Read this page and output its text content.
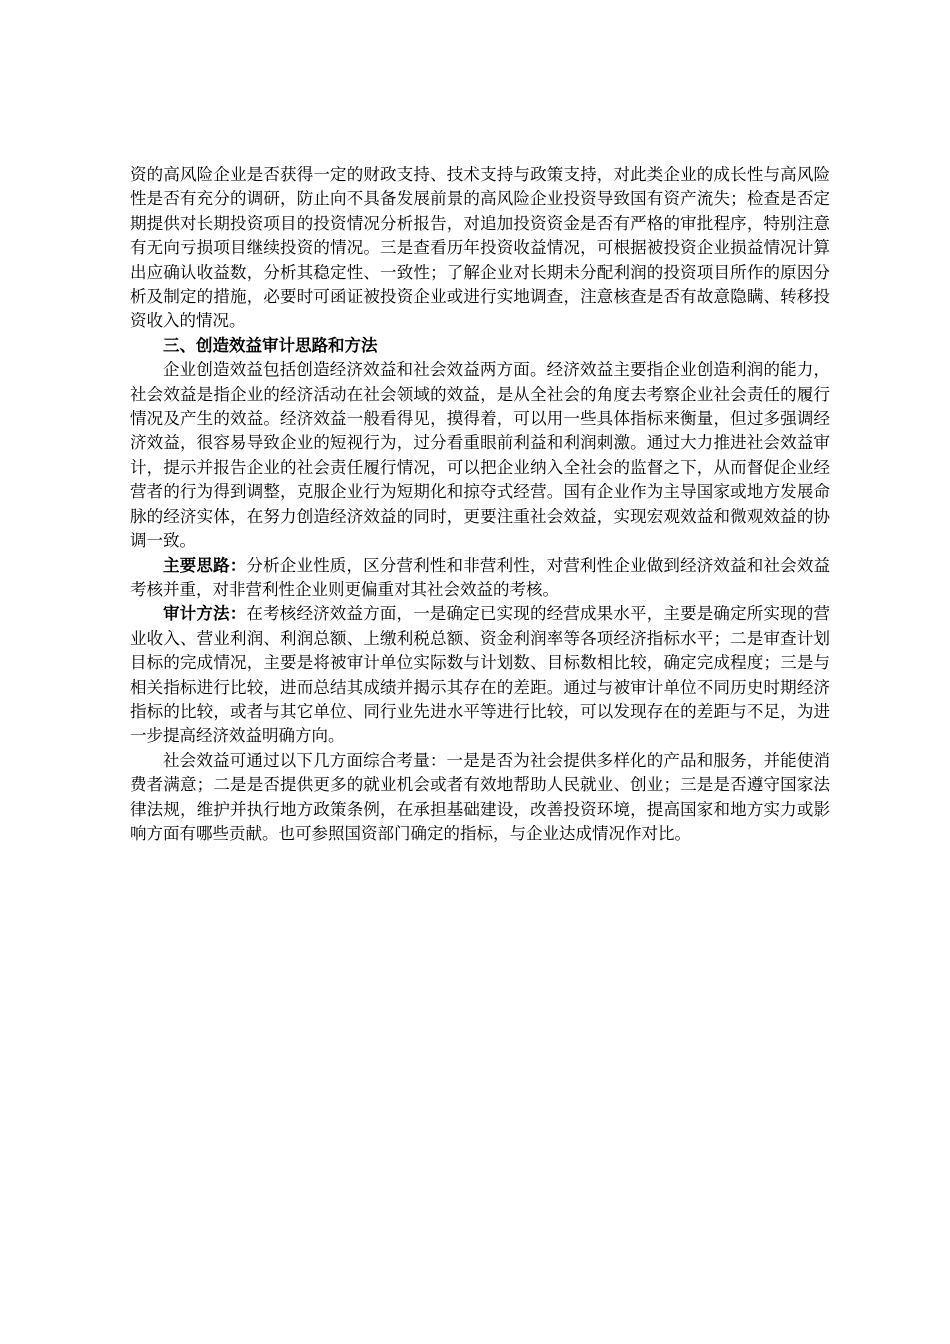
资的高风险企业是否获得一定的财政支持、技术支持与政策支持，对此类企业的成长性与高风险性是否有充分的调研，防止向不具备发展前景的高风险企业投资导致国有资产流失；检查是否定期提供对长期投资项目的投资情况分析报告，对追加投资资金是否有严格的审批程序，特别注意有无向亏损项目继续投资的情况。三是查看历年投资收益情况，可根据被投资企业损益情况计算出应确认收益数，分析其稳定性、一致性；了解企业对长期未分配利润的投资项目所作的原因分析及制定的措施，必要时可函证被投资企业或进行实地调查，注意核查是否有故意隐瞒、转移投资收入的情况。

三、创造效益审计思路和方法

企业创造效益包括创造经济效益和社会效益两方面。经济效益主要指企业创造利润的能力，社会效益是指企业的经济活动在社会领域的效益，是从全社会的角度去考察企业社会责任的履行情况及产生的效益。经济效益一般看得见，摸得着，可以用一些具体指标来衡量，但过多强调经济效益，很容易导致企业的短视行为，过分看重眼前利益和利润刺激。通过大力推进社会效益审计，提示并报告企业的社会责任履行情况，可以把企业纳入全社会的监督之下，从而督促企业经营者的行为得到调整，克服企业行为短期化和掠夺式经营。国有企业作为主导国家或地方发展命脉的经济实体，在努力创造经济效益的同时，更要注重社会效益，实现宏观效益和微观效益的协调一致。

主要思路：分析企业性质，区分营利性和非营利性，对营利性企业做到经济效益和社会效益考核并重，对非营利性企业则更偏重对其社会效益的考核。

审计方法：在考核经济效益方面，一是确定已实现的经营成果水平，主要是确定所实现的营业收入、营业利润、利润总额、上缴利税总额、资金利润率等各项经济指标水平；二是审查计划目标的完成情况，主要是将被审计单位实际数与计划数、目标数相比较，确定完成程度；三是与相关指标进行比较，进而总结其成绩并揭示其存在的差距。通过与被审计单位不同历史时期经济指标的比较，或者与其它单位、同行业先进水平等进行比较，可以发现存在的差距与不足，为进一步提高经济效益明确方向。

社会效益可通过以下几方面综合考量：一是是否为社会提供多样化的产品和服务，并能使消费者满意；二是是否提供更多的就业机会或者有效地帮助人民就业、创业；三是是否遵守国家法律法规，维护并执行地方政策条例，在承担基础建设，改善投资环境，提高国家和地方实力或影响方面有哪些贡献。也可参照国资部门确定的指标，与企业达成情况作对比。
